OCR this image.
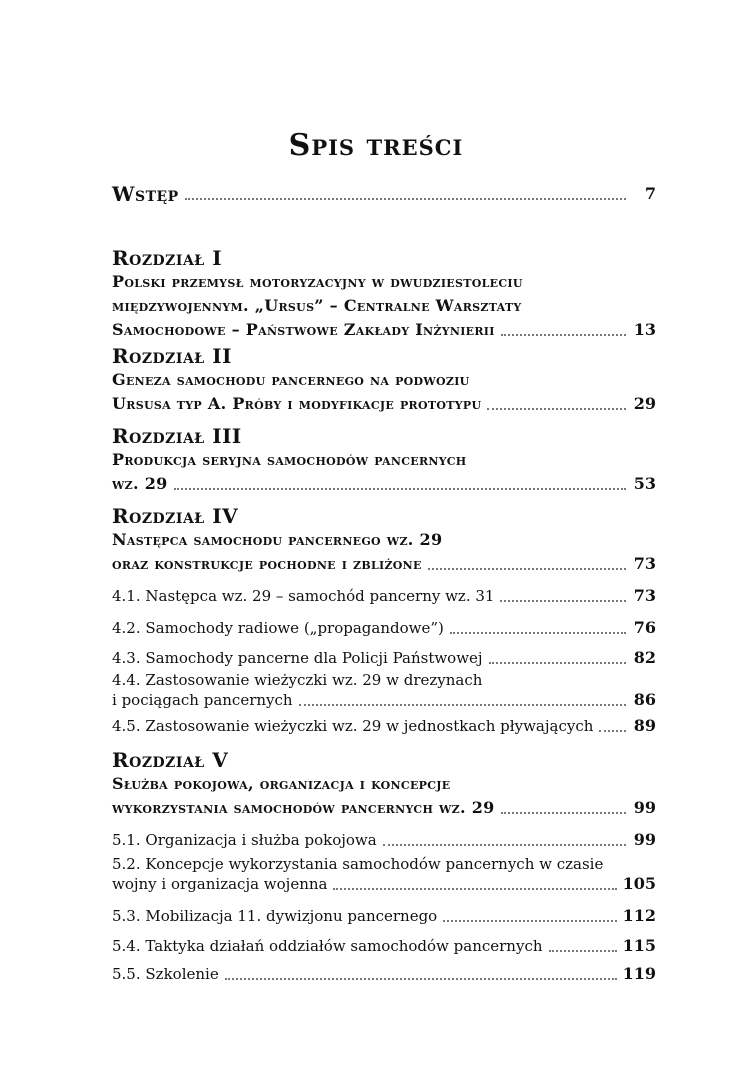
Spis treści
Wstęp	7
Rozdział I
Polski przemysł motoryzacyjny w dwudziestoleciu
międzywojennym. „Ursus” – Centralne Warsztaty
Samochodowe – Państwowe Zakłady Inżynierii	13
Rozdział II
Geneza samochodu pancernego na podwoziu
Ursusa typ A. Próby i modyfikacje prototypu	29
Rozdział III
Produkcja seryjna samochodów pancernych
wz. 29	53
Rozdział IV
Następca samochodu pancernego wz. 29
oraz konstrukcje pochodne i zbliżone	73
4.1. Następca wz. 29 – samochód pancerny wz. 31	73
4.2. Samochody radiowe („propagandowe”)	76
4.3. Samochody pancerne dla Policji Państwowej	82
4.4. Zastosowanie wieżyczki wz. 29 w drezynach
i pociągach pancernych	86
4.5. Zastosowanie wieżyczki wz. 29 w jednostkach pływających	89
Rozdział V
Służba pokojowa, organizacja i koncepcje
wykorzystania samochodów pancernych wz. 29	99
5.1. Organizacja i służba pokojowa	99
5.2. Koncepcje wykorzystania samochodów pancernych w czasie
wojny i organizacja wojenna	105
5.3. Mobilizacja 11. dywizjonu pancernego	112
5.4. Taktyka działań oddziałów samochodów pancernych	115
5.5. Szkolenie	119
